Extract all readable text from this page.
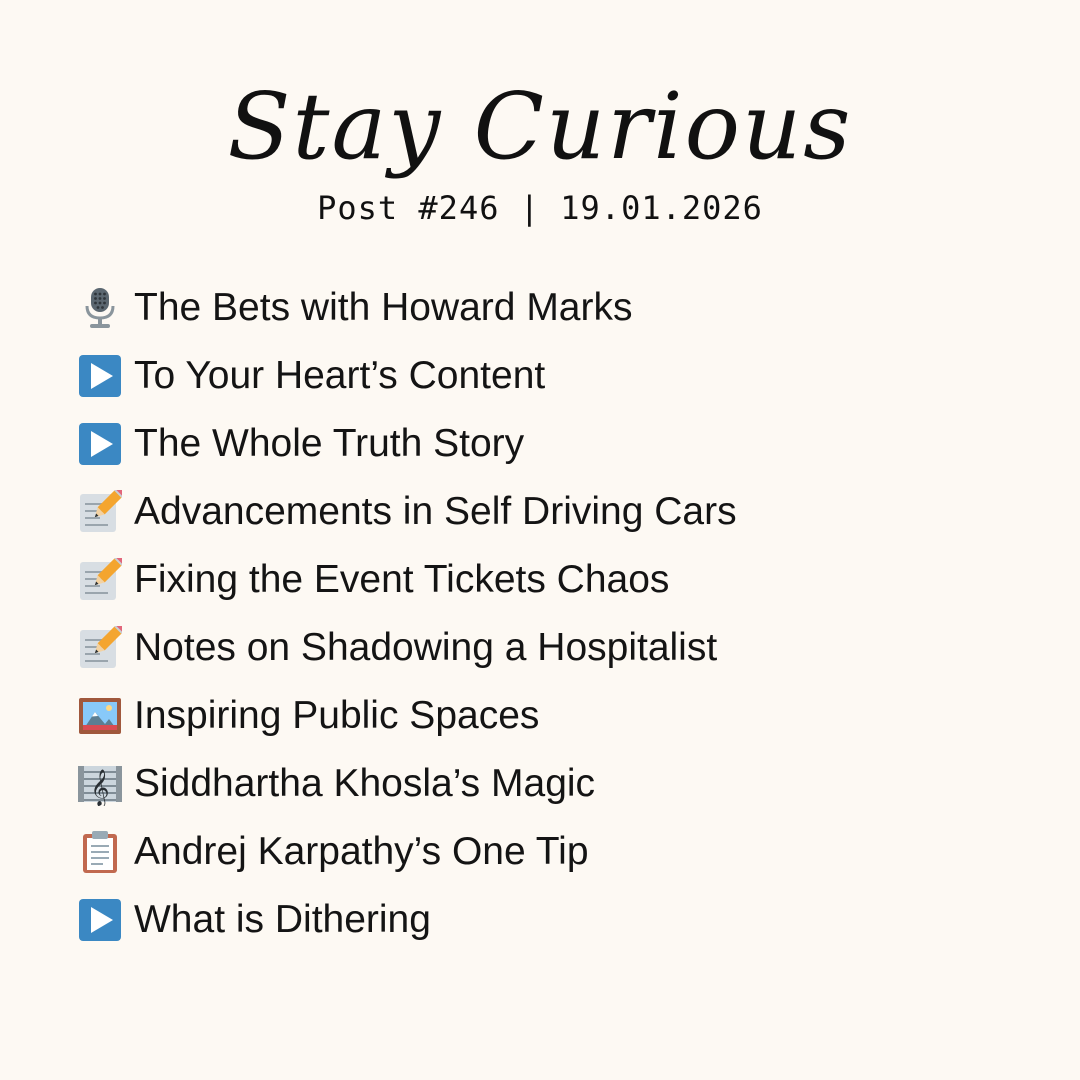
Stay Curious
Post #246 | 19.01.2026
The Bets with Howard Marks
To Your Heart’s Content
The Whole Truth Story
Advancements in Self Driving Cars
Fixing the Event Tickets Chaos
Notes on Shadowing a Hospitalist
Inspiring Public Spaces
𝄞 Siddhartha Khosla’s Magic
Andrej Karpathy’s One Tip
What is Dithering
